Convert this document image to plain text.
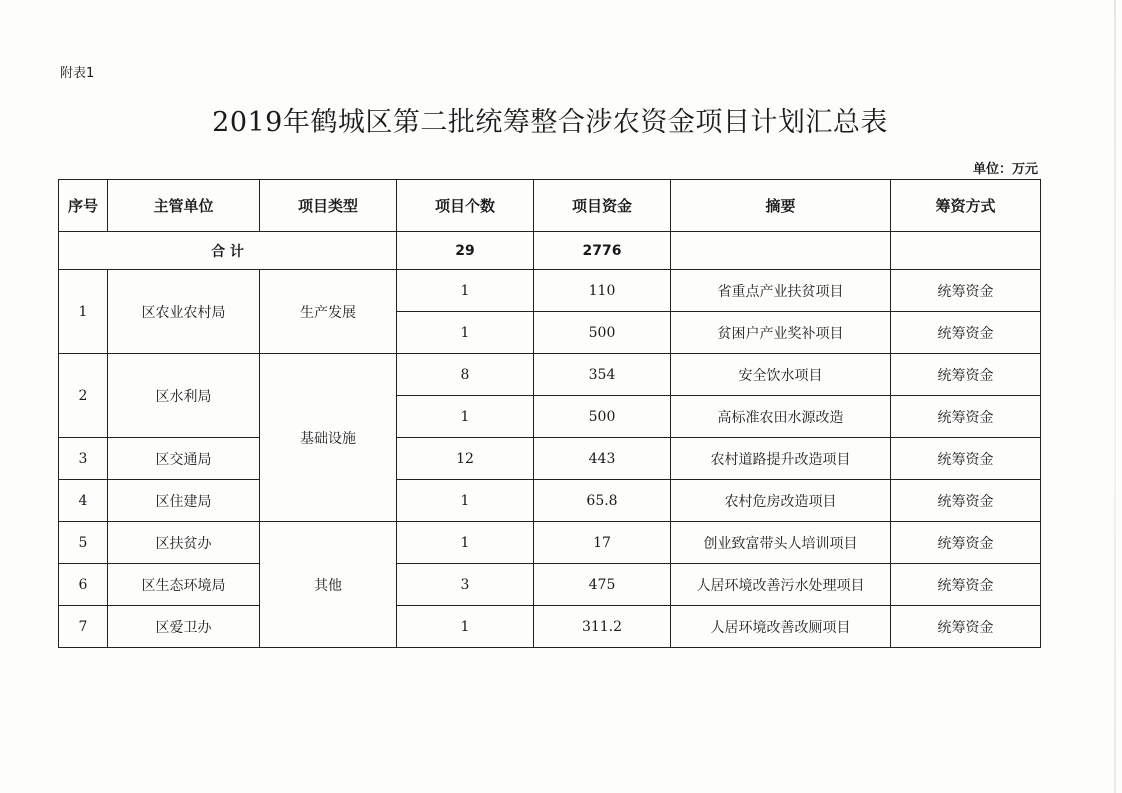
附表1
2019年鹤城区第二批统筹整合涉农资金项目计划汇总表
单位：万元
序号	主管单位	项目类型	项目个数	项目资金	摘要	筹资方式
合 计			29	2776		
1	区农业农村局	生产发展	1	110	省重点产业扶贫项目	统筹资金
			1	500	贫困户产业奖补项目	统筹资金
2	区水利局	基础设施	8	354	安全饮水项目	统筹资金
			1	500	高标准农田水源改造	统筹资金
3	区交通局		12	443	农村道路提升改造项目	统筹资金
4	区住建局		1	65.8	农村危房改造项目	统筹资金
5	区扶贫办	其他	1	17	创业致富带头人培训项目	统筹资金
6	区生态环境局		3	475	人居环境改善污水处理项目	统筹资金
7	区爱卫办		1	311.2	人居环境改善改厕项目	统筹资金
